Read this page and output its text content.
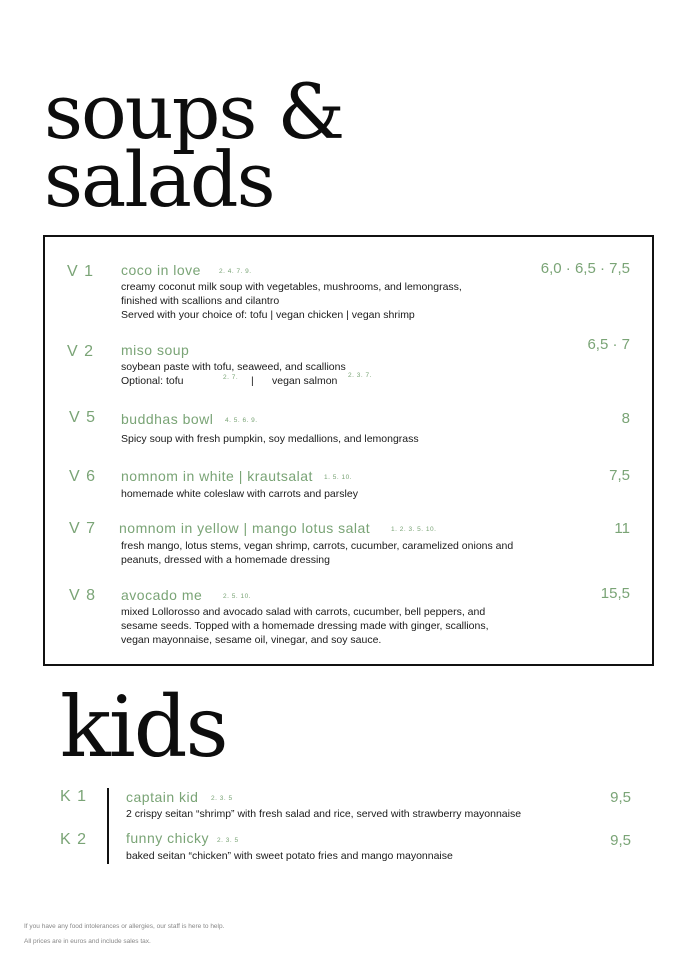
soups &
salads
V 1 coco in love	2. 4. 7. 9.	6,0 · 6,5 · 7,5
creamy coconut milk soup with vegetables, mushrooms, and lemongrass,
finished with scallions and cilantro
Served with your choice of: tofu | vegan chicken | vegan shrimp
V 2 miso soup	6,5 · 7
soybean paste with tofu, seaweed, and scallions
Optional: tofu	2. 7. | vegan salmon 2. 3. 7.
V 5 buddhas bowl 4. 5. 6. 9.	8
Spicy soup with fresh pumpkin, soy medallions, and lemongrass
V 6 nomnom in white | krautsalat 1. 5. 10.	7,5
homemade white coleslaw with carrots and parsley
V 7 nomnom in yellow | mango lotus salat	1. 2. 3. 5. 10.	11
fresh mango, lotus stems, vegan shrimp, carrots, cucumber, caramelized onions and
peanuts, dressed with a homemade dressing
V 8 avocado me	2. 5. 10.	15,5
mixed Lollorosso and avocado salad with carrots, cucumber, bell peppers, and
sesame seeds. Topped with a homemade dressing made with ginger, scallions,
vegan mayonnaise, sesame oil, vinegar, and soy sauce.
kids
K 1	captain kid 2. 3. 5	9,5
2 crispy seitan “shrimp” with fresh salad and rice, served with strawberry mayonnaise
K 2	funny chicky 2. 3. 5	9,5
baked seitan “chicken” with sweet potato fries and mango mayonnaise
If you have any food intolerances or allergies, our staff is here to help.
All prices are in euros and include sales tax.
